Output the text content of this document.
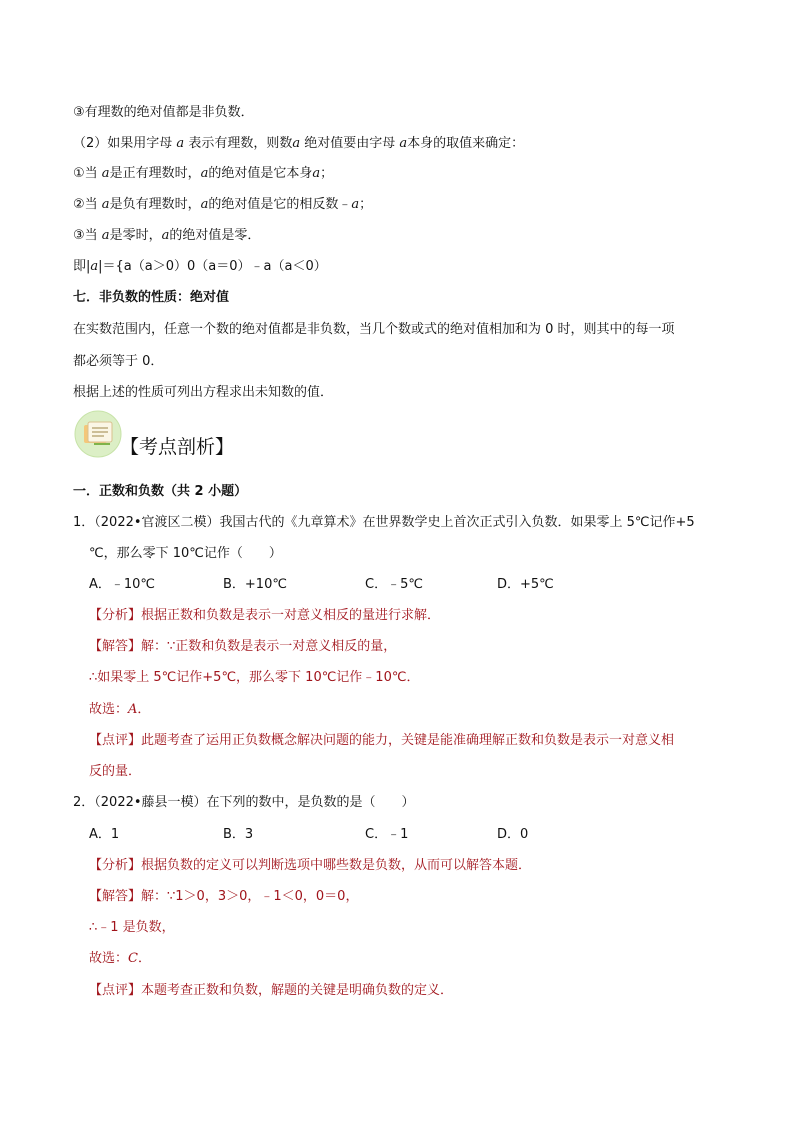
③有理数的绝对值都是非负数．
（2）如果用字母 a 表示有理数，则数a 绝对值要由字母 a本身的取值来确定：
①当 a是正有理数时，a的绝对值是它本身a；
②当 a是负有理数时，a的绝对值是它的相反数﹣a；
③当 a是零时，a的绝对值是零．
即|a|＝{a（a＞0）0（a＝0）﹣a（a＜0）
七．非负数的性质：绝对值
在实数范围内，任意一个数的绝对值都是非负数，当几个数或式的绝对值相加和为 0 时，则其中的每一项
都必须等于 0．
根据上述的性质可列出方程求出未知数的值．
【考点剖析】
一．正数和负数（共 2 小题）
1．（2022•官渡区二模）我国古代的《九章算术》在世界数学史上首次正式引入负数．如果零上 5℃记作+5
℃，那么零下 10℃记作（　　）
A．﹣10℃	B．+10℃	C．﹣5℃	D．+5℃
【分析】根据正数和负数是表示一对意义相反的量进行求解．
【解答】解：∵正数和负数是表示一对意义相反的量，
∴如果零上 5℃记作+5℃，那么零下 10℃记作﹣10℃．
故选：A．
【点评】此题考查了运用正负数概念解决问题的能力，关键是能准确理解正数和负数是表示一对意义相
反的量．
2．（2022•藤县一模）在下列的数中，是负数的是（　　）
A．1	B．3	C．﹣1	D．0
【分析】根据负数的定义可以判断选项中哪些数是负数，从而可以解答本题．
【解答】解：∵1＞0，3＞0，﹣1＜0，0＝0，
∴﹣1 是负数，
故选：C．
【点评】本题考查正数和负数，解题的关键是明确负数的定义．
